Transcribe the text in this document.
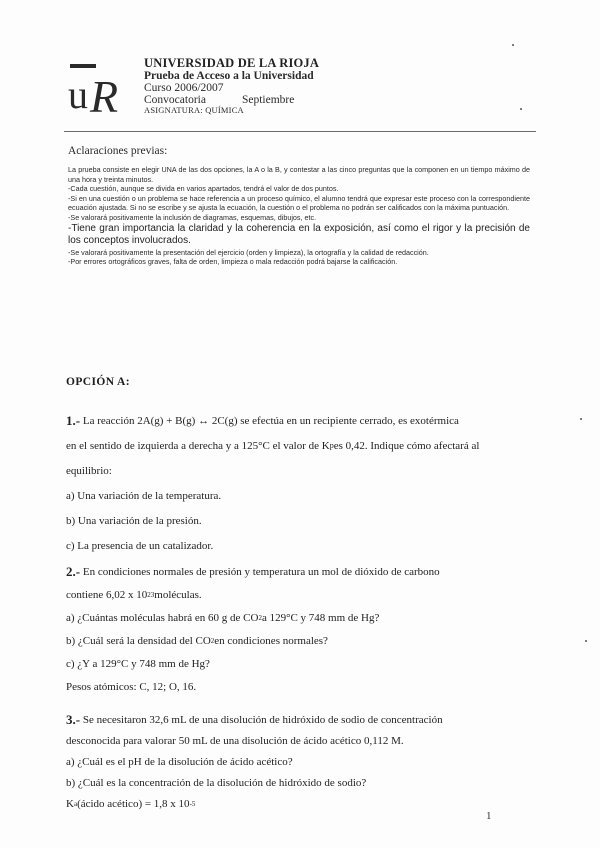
u R
UNIVERSIDAD DE LA RIOJA
Prueba de Acceso a la Universidad
Curso 2006/2007
Convocatoria	Septiembre
ASIGNATURA: QUÍMICA
Aclaraciones previas:

La prueba consiste en elegir UNA de las dos opciones, la A o la B, y contestar a las cinco preguntas que la componen en un tiempo máximo de una hora y treinta minutos.

-Cada cuestión, aunque se divida en varios apartados, tendrá el valor de dos puntos.

-Si en una cuestión o un problema se hace referencia a un proceso químico, el alumno tendrá que expresar este proceso con la correspondiente ecuación ajustada. Si no se escribe y se ajusta la ecuación, la cuestión o el problema no podrán ser calificados con la máxima puntuación.

-Se valorará positivamente la inclusión de diagramas, esquemas, dibujos, etc.

-Tiene gran importancia la claridad y la coherencia en la exposición, así como el rigor y la precisión de los conceptos involucrados.

-Se valorará positivamente la presentación del ejercicio (orden y limpieza), la ortografía y la calidad de redacción.

-Por errores ortográficos graves, falta de orden, limpieza o mala redacción podrá bajarse la calificación.

OPCIÓN A:
1.-
La reacción 2A(g) + B(g) ↔ 2C(g) se efectúa en un recipiente cerrado, es exotérmica
en el sentido de izquierda a derecha y a 125°C el valor de K p es 0,42. Indique cómo afectará al
equilibrio:
a) Una variación de la temperatura.
b) Una variación de la presión.
c) La presencia de un catalizador.
2.-
En condiciones normales de presión y temperatura un mol de dióxido de carbono
contiene 6,02 x 10 23 moléculas.
a) ¿Cuántas moléculas habrá en 60 g de CO 2 a 129°C y 748 mm de Hg?
b) ¿Cuál será la densidad del CO 2 en condiciones normales?
c) ¿Y a 129°C y 748 mm de Hg?
Pesos atómicos: C, 12; O, 16.
3.-
Se necesitaron 32,6 mL de una disolución de hidróxido de sodio de concentración
desconocida para valorar 50 mL de una disolución de ácido acético 0,112 M.
a) ¿Cuál es el pH de la disolución de ácido acético?
b) ¿Cuál es la concentración de la disolución de hidróxido de sodio?
K a (ácido acético) = 1,8 x 10 -5
1
